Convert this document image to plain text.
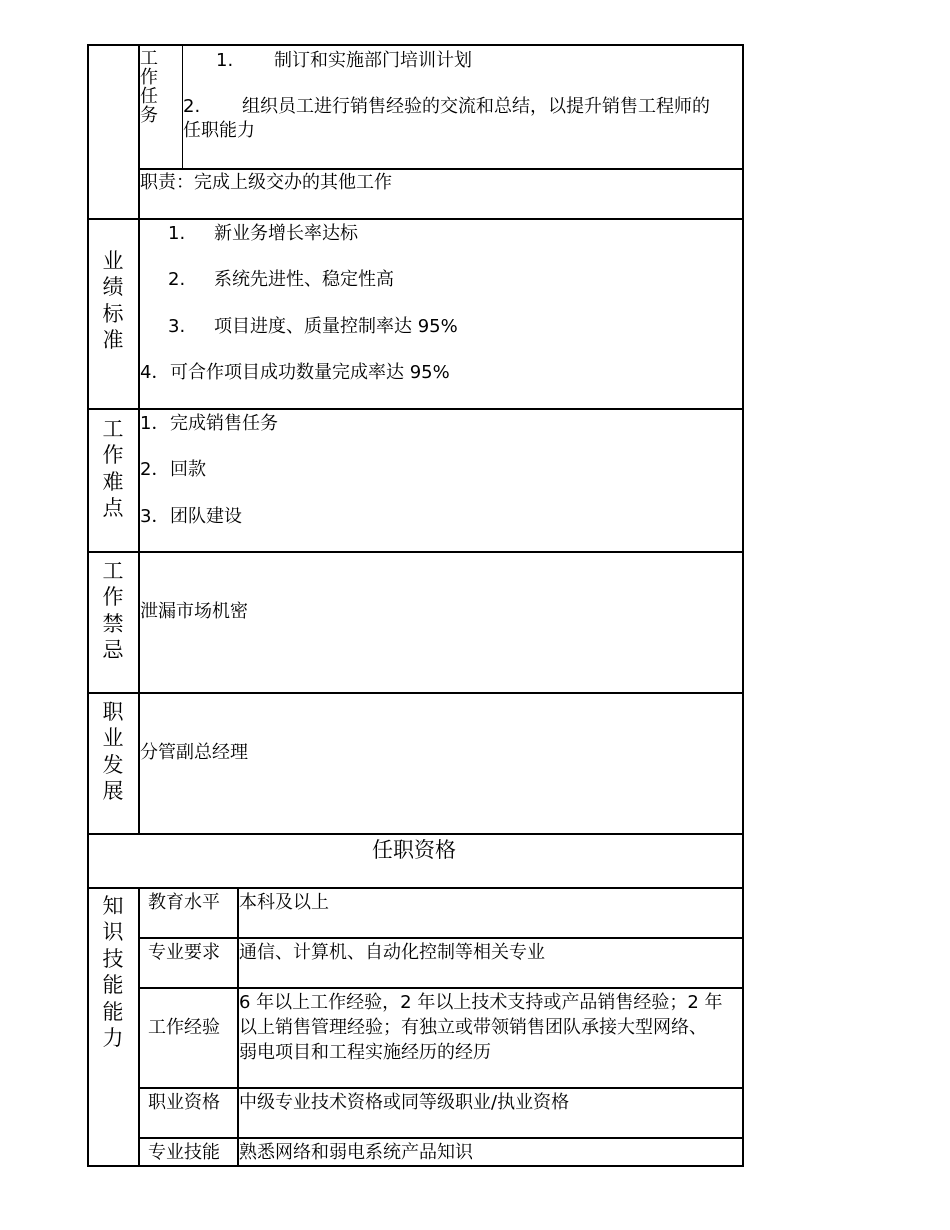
工作任务
1. 制订和实施部门培训计划
2. 组织员工进行销售经验的交流和总结，以提升销售工程师的
任职能力
职责：完成上级交办的其他工作
业绩标准
1. 新业务增长率达标
2. 系统先进性、稳定性高
3. 项目进度、质量控制率达 95%
4． 可合作项目成功数量完成率达 95%
工作难点
1． 完成销售任务
2． 回款
3． 团队建设
工作禁忌
泄漏市场机密
职业发展
分管副总经理
任职资格
知识技能能力
教育水平 本科及以上
专业要求 通信、计算机、自动化控制等相关专业
工作经验
6 年以上工作经验，2 年以上技术支持或产品销售经验；2 年
以上销售管理经验；有独立或带领销售团队承接大型网络、
弱电项目和工程实施经历的经历
职业资格 中级专业技术资格或同等级职业/执业资格
专业技能 熟悉网络和弱电系统产品知识
